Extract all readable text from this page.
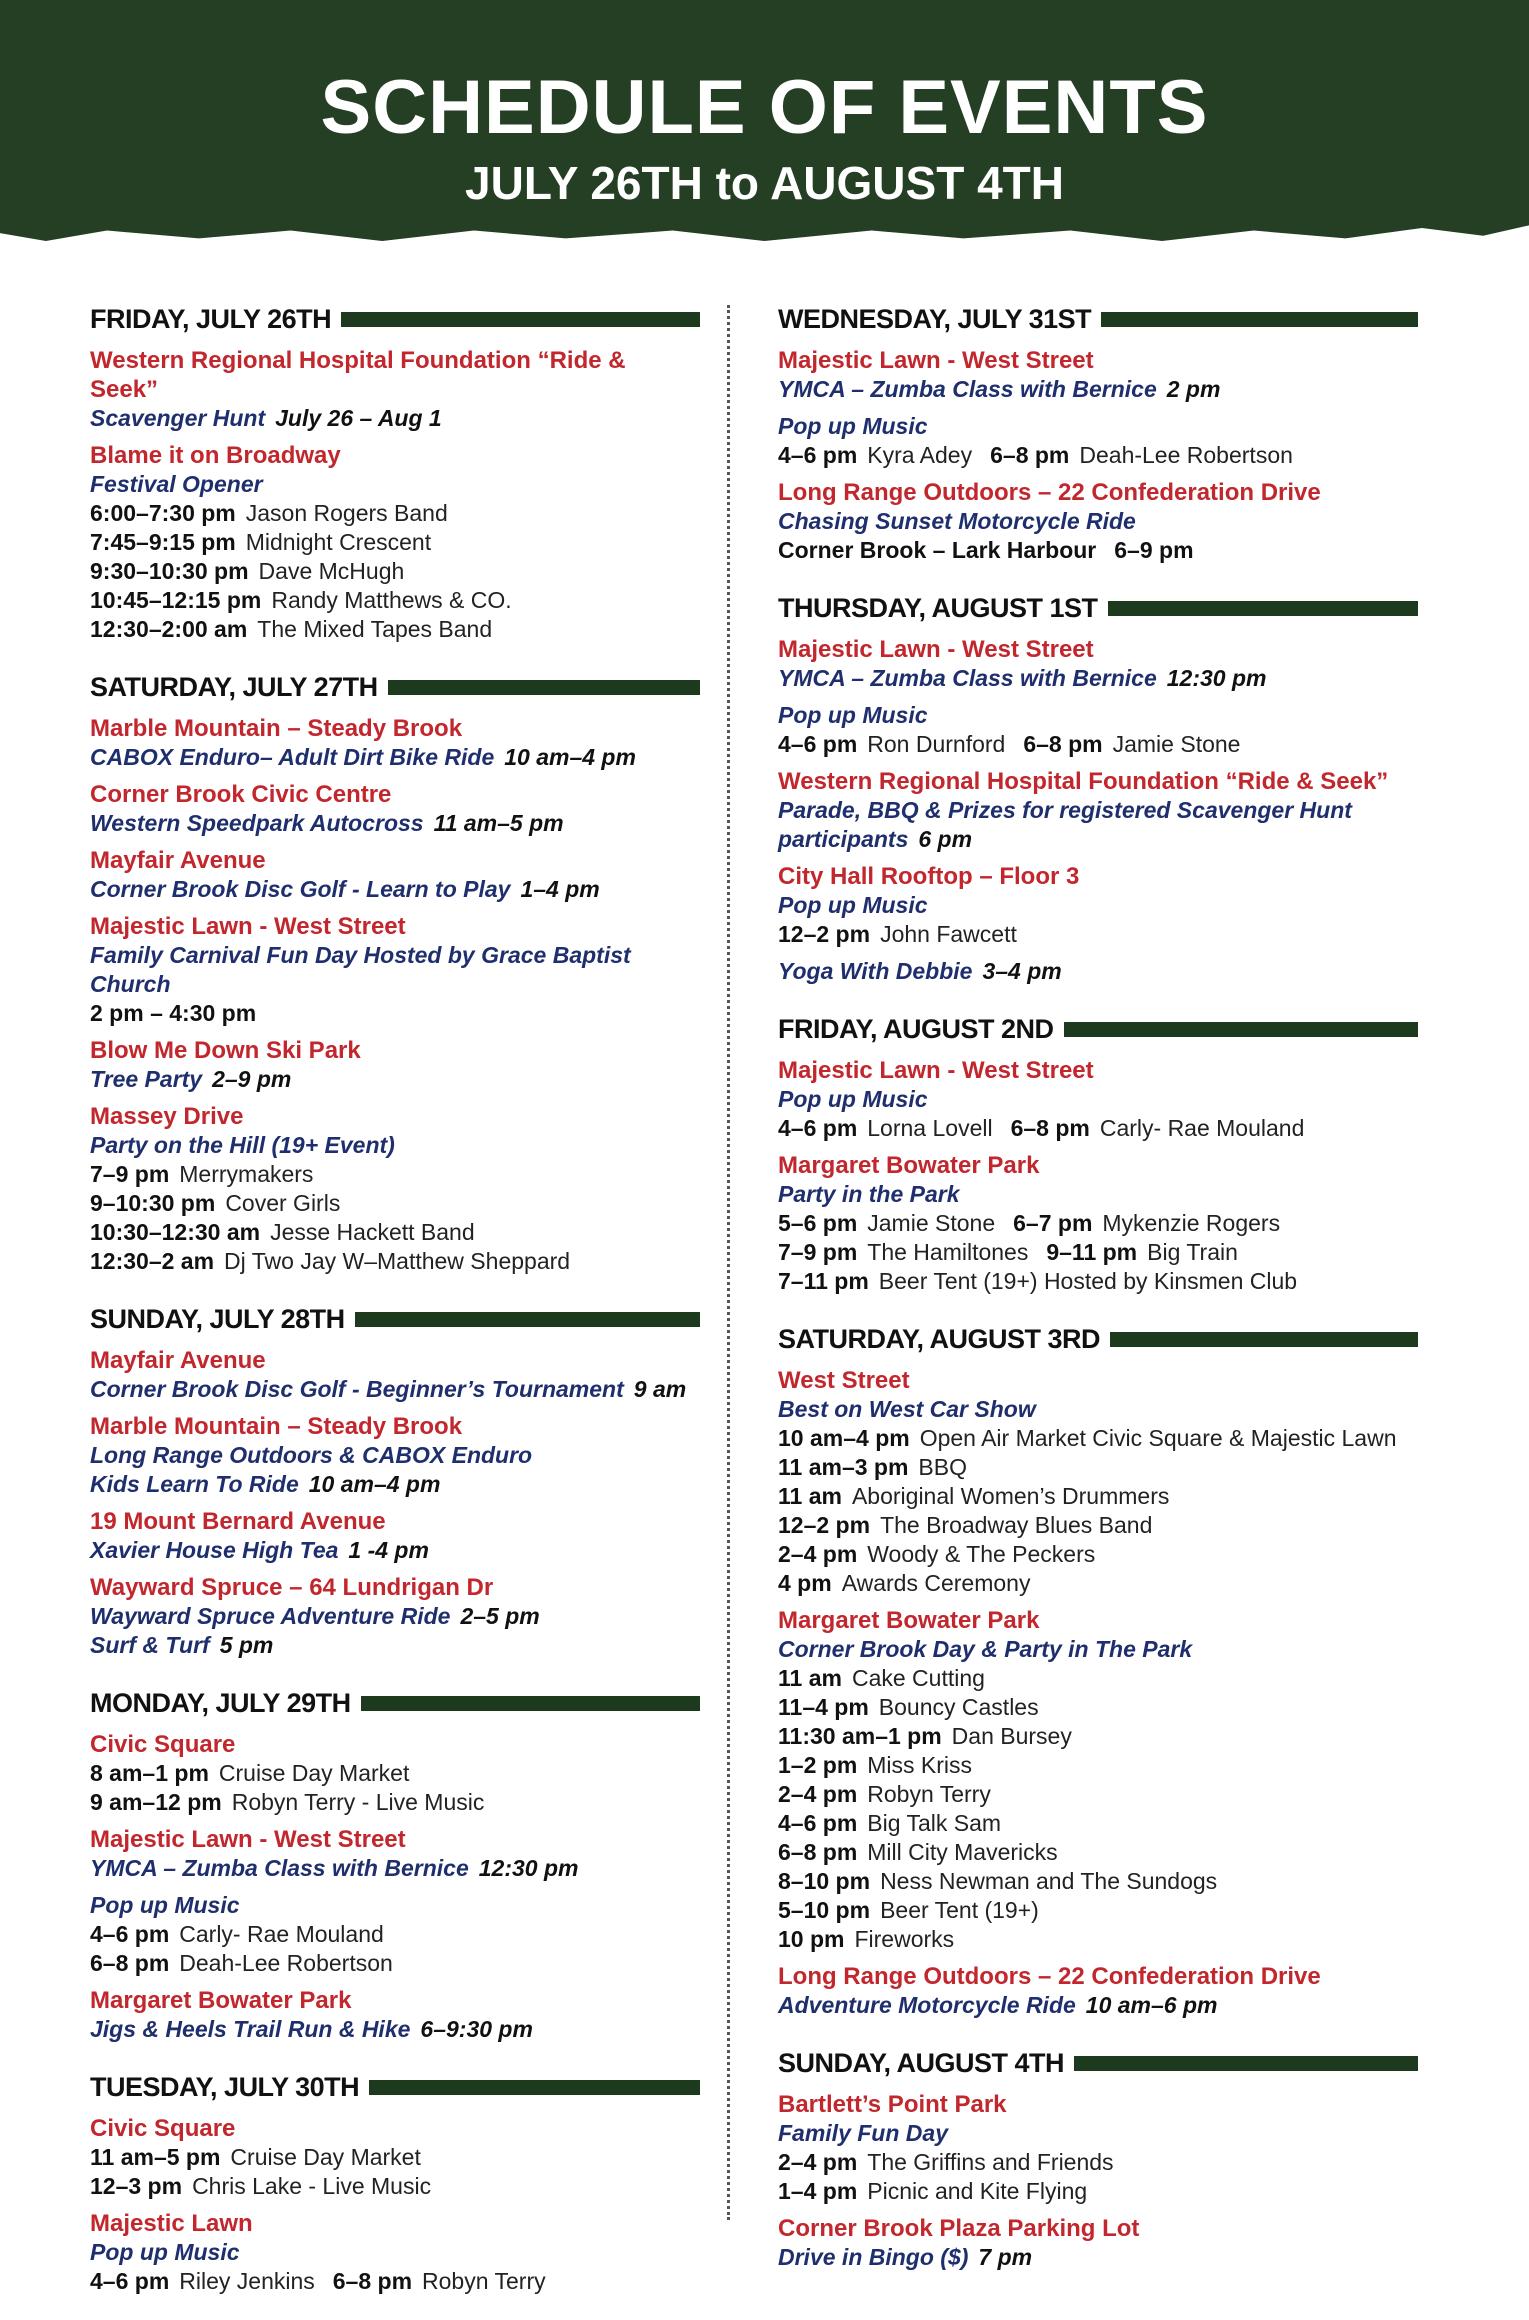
SCHEDULE OF EVENTS
JULY 26TH to AUGUST 4TH
FRIDAY, JULY 26TH
Western Regional Hospital Foundation “Ride & Seek”
Scavenger Hunt July 26 – Aug 1
Blame it on Broadway
Festival Opener
6:00–7:30 pm Jason Rogers Band
7:45–9:15 pm Midnight Crescent
9:30–10:30 pm Dave McHugh
10:45–12:15 pm Randy Matthews & CO.
12:30–2:00 am The Mixed Tapes Band
SATURDAY, JULY 27TH
Marble Mountain – Steady Brook
CABOX Enduro– Adult Dirt Bike Ride 10 am–4 pm
Corner Brook Civic Centre
Western Speedpark Autocross 11 am–5 pm
Mayfair Avenue
Corner Brook Disc Golf - Learn to Play 1–4 pm
Majestic Lawn - West Street
Family Carnival Fun Day Hosted by Grace Baptist Church
2 pm – 4:30 pm
Blow Me Down Ski Park
Tree Party 2–9 pm
Massey Drive
Party on the Hill (19+ Event)
7–9 pm Merrymakers
9–10:30 pm Cover Girls
10:30–12:30 am Jesse Hackett Band
12:30–2 am Dj Two Jay W–Matthew Sheppard
SUNDAY, JULY 28TH
Mayfair Avenue
Corner Brook Disc Golf - Beginner’s Tournament 9 am
Marble Mountain – Steady Brook
Long Range Outdoors & CABOX Enduro
Kids Learn To Ride 10 am–4 pm
19 Mount Bernard Avenue
Xavier House High Tea 1 -4 pm
Wayward Spruce – 64 Lundrigan Dr
Wayward Spruce Adventure Ride 2–5 pm
Surf & Turf 5 pm
MONDAY, JULY 29TH
Civic Square
8 am–1 pm Cruise Day Market
9 am–12 pm Robyn Terry - Live Music
Majestic Lawn - West Street
YMCA – Zumba Class with Bernice 12:30 pm
Pop up Music
4–6 pm Carly- Rae Mouland
6–8 pm Deah-Lee Robertson
Margaret Bowater Park
Jigs & Heels Trail Run & Hike 6–9:30 pm
TUESDAY, JULY 30TH
Civic Square
11 am–5 pm Cruise Day Market
12–3 pm Chris Lake - Live Music
Majestic Lawn
Pop up Music
4–6 pm Riley Jenkins 6–8 pm Robyn Terry
WEDNESDAY, JULY 31ST
Majestic Lawn - West Street
YMCA – Zumba Class with Bernice 2 pm
Pop up Music
4–6 pm Kyra Adey 6–8 pm Deah-Lee Robertson
Long Range Outdoors – 22 Confederation Drive
Chasing Sunset Motorcycle Ride
Corner Brook – Lark Harbour 6–9 pm
THURSDAY, AUGUST 1ST
Majestic Lawn - West Street
YMCA – Zumba Class with Bernice 12:30 pm
Pop up Music
4–6 pm Ron Durnford 6–8 pm Jamie Stone
Western Regional Hospital Foundation “Ride & Seek”
Parade, BBQ & Prizes for registered Scavenger Hunt
participants 6 pm
City Hall Rooftop – Floor 3
Pop up Music
12–2 pm John Fawcett
Yoga With Debbie 3–4 pm
FRIDAY, AUGUST 2ND
Majestic Lawn - West Street
Pop up Music
4–6 pm Lorna Lovell 6–8 pm Carly- Rae Mouland
Margaret Bowater Park
Party in the Park
5–6 pm Jamie Stone 6–7 pm Mykenzie Rogers
7–9 pm The Hamiltones 9–11 pm Big Train
7–11 pm Beer Tent (19+) Hosted by Kinsmen Club
SATURDAY, AUGUST 3RD
West Street
Best on West Car Show
10 am–4 pm Open Air Market Civic Square & Majestic Lawn
11 am–3 pm BBQ
11 am Aboriginal Women’s Drummers
12–2 pm The Broadway Blues Band
2–4 pm Woody & The Peckers
4 pm Awards Ceremony
Margaret Bowater Park
Corner Brook Day & Party in The Park
11 am Cake Cutting
11–4 pm Bouncy Castles
11:30 am–1 pm Dan Bursey
1–2 pm Miss Kriss
2–4 pm Robyn Terry
4–6 pm Big Talk Sam
6–8 pm Mill City Mavericks
8–10 pm Ness Newman and The Sundogs
5–10 pm Beer Tent (19+)
10 pm Fireworks
Long Range Outdoors – 22 Confederation Drive
Adventure Motorcycle Ride 10 am–6 pm
SUNDAY, AUGUST 4TH
Bartlett’s Point Park
Family Fun Day
2–4 pm The Griffins and Friends
1–4 pm Picnic and Kite Flying
Corner Brook Plaza Parking Lot
Drive in Bingo ($) 7 pm
